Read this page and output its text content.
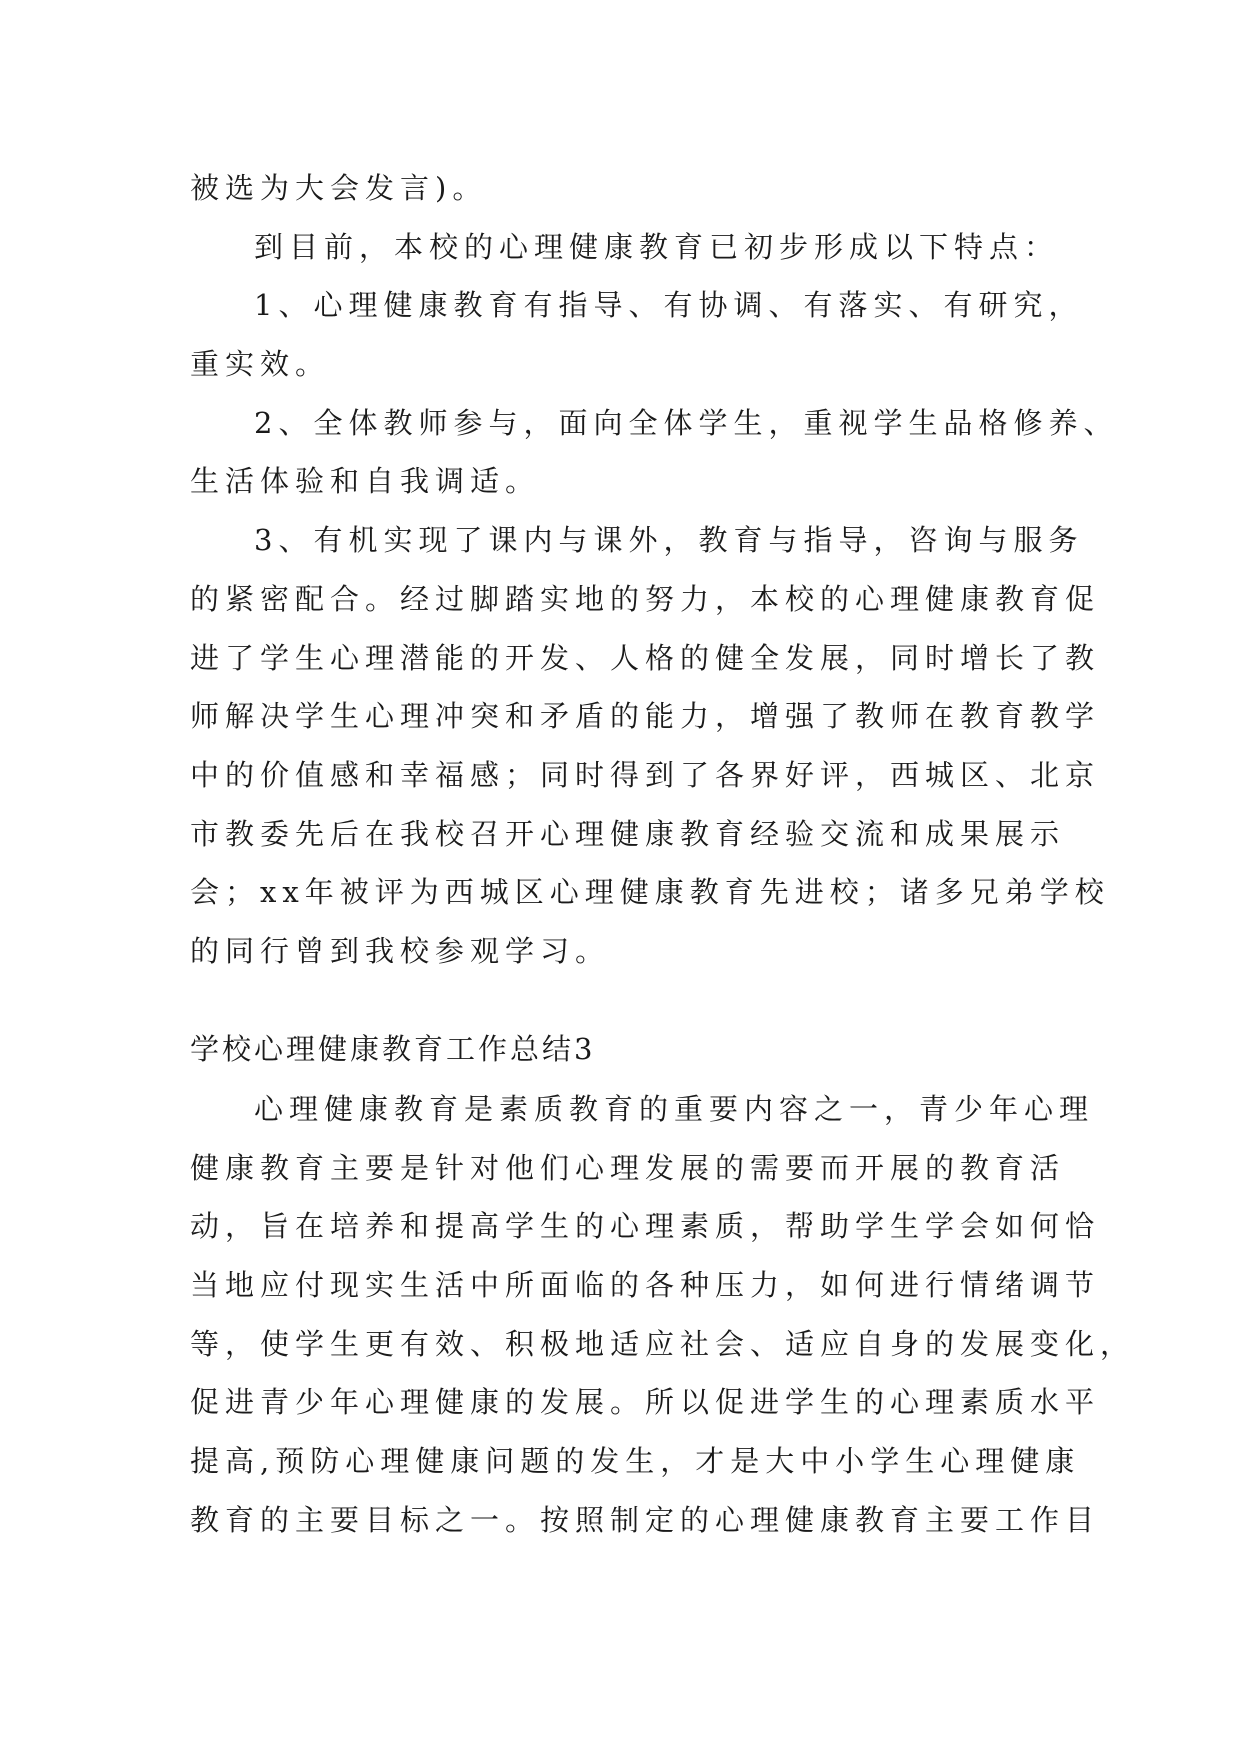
被选为大会发言)。
到目前，本校的心理健康教育已初步形成以下特点：
1、心理健康教育有指导、有协调、有落实、有研究，
重实效。
2、全体教师参与，面向全体学生，重视学生品格修养、
生活体验和自我调适。
3、有机实现了课内与课外，教育与指导，咨询与服务
的紧密配合。经过脚踏实地的努力，本校的心理健康教育促
进了学生心理潜能的开发、人格的健全发展，同时增长了教
师解决学生心理冲突和矛盾的能力，增强了教师在教育教学
中的价值感和幸福感；同时得到了各界好评，西城区、北京
市教委先后在我校召开心理健康教育经验交流和成果展示
会；xx年被评为西城区心理健康教育先进校；诸多兄弟学校
的同行曾到我校参观学习。
学校心理健康教育工作总结3
心理健康教育是素质教育的重要内容之一，青少年心理
健康教育主要是针对他们心理发展的需要而开展的教育活
动，旨在培养和提高学生的心理素质，帮助学生学会如何恰
当地应付现实生活中所面临的各种压力，如何进行情绪调节
等，使学生更有效、积极地适应社会、适应自身的发展变化，
促进青少年心理健康的发展。所以促进学生的心理素质水平
提高,预防心理健康问题的发生，才是大中小学生心理健康
教育的主要目标之一。按照制定的心理健康教育主要工作目
